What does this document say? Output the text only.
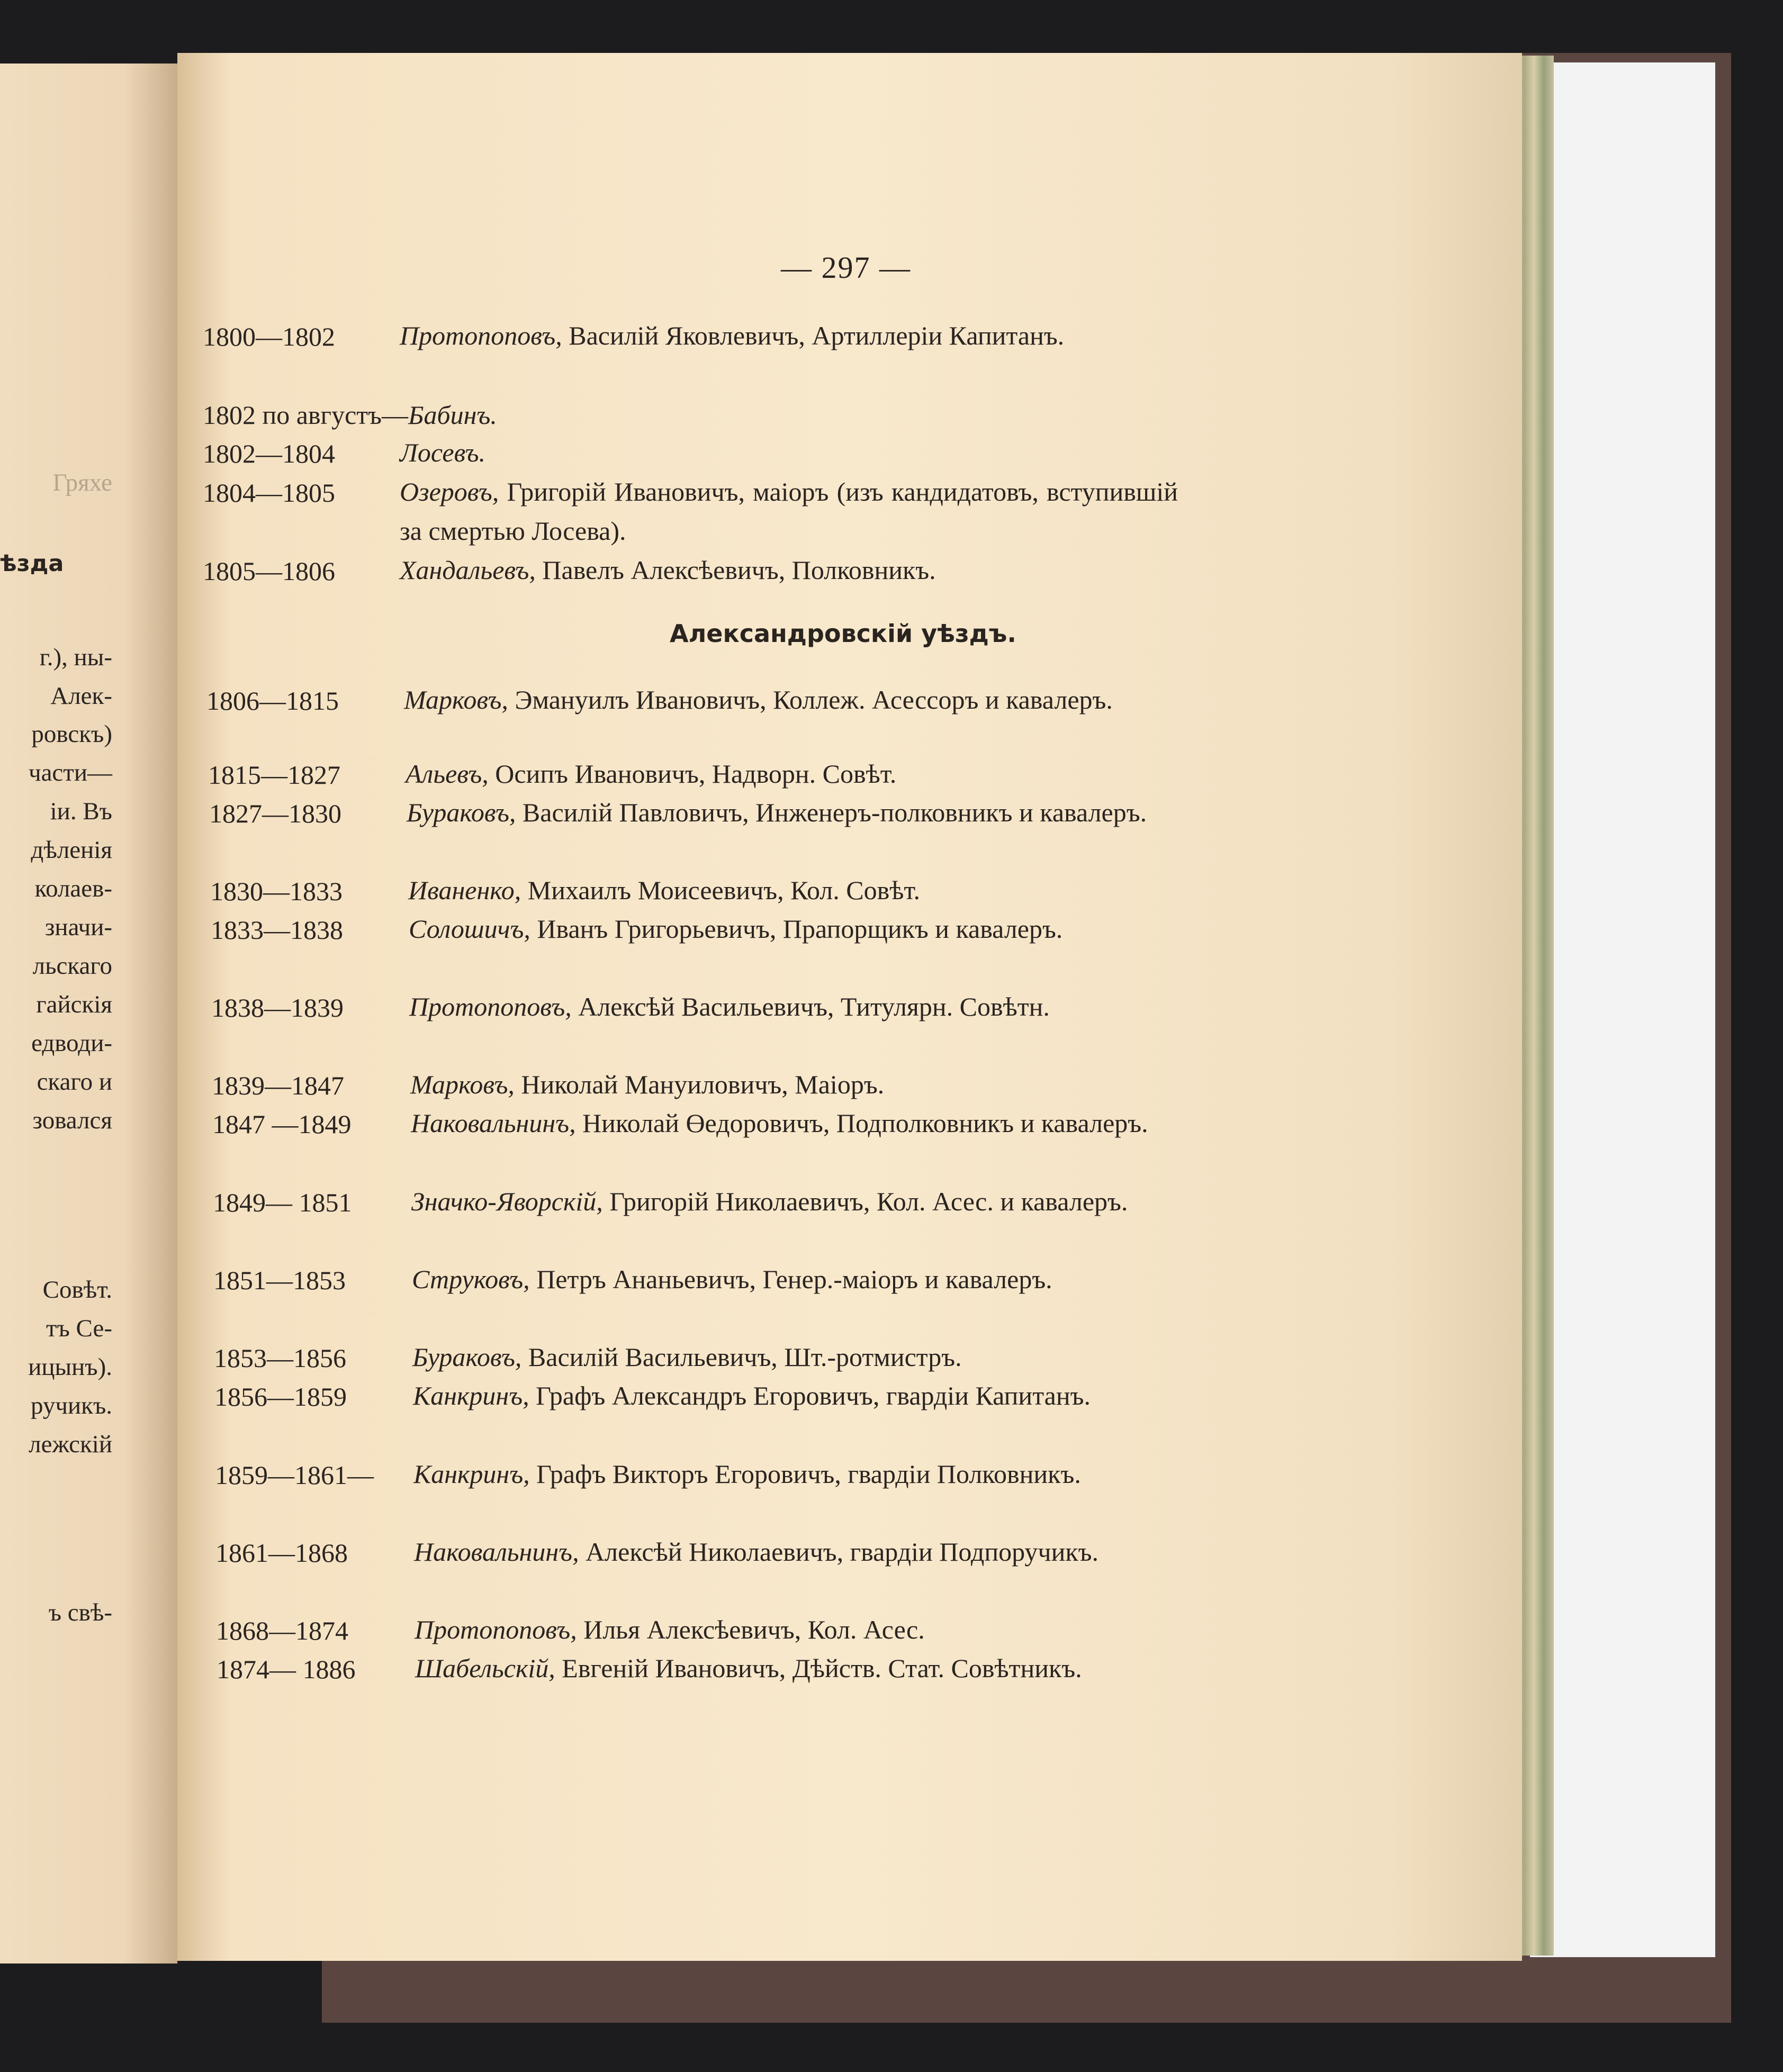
Гряхе
ѣзда
г.), ны-
Алек-
ровскъ)
части—
іи. Въ
дѣленія
колаев-
значи-
льскаго
гайскія
едводи-
скаго и
зовался
Совѣт.
тъ Се-
ицынъ).
ручикъ.
лежскій
ъ свѣ-
— 297 —
1800—1802 Протопоповъ, Василій Яковлевичъ, Артиллеріи Капитанъ.
1802 по августъ—Бабинъ.
1802—1804 Лосевъ.
1804—1805 Озеровъ, Григорій Ивановичъ, маіоръ (изъ кандидатовъ, вступившій за смертью Лосева).
1805—1806 Хандальевъ, Павелъ Алексѣевичъ, Полковникъ.
Александровскій уѣздъ.
1806—1815 Марковъ, Эмануилъ Ивановичъ, Коллеж. Асессоръ и кавалеръ.
1815—1827 Альевъ, Осипъ Ивановичъ, Надворн. Совѣт.
1827—1830 Бураковъ, Василій Павловичъ, Инженеръ-полковникъ и кавалеръ.
1830—1833 Иваненко, Михаилъ Моисеевичъ, Кол. Совѣт.
1833—1838 Солошичъ, Иванъ Григорьевичъ, Прапорщикъ и кавалеръ.
1838—1839 Протопоповъ, Алексѣй Васильевичъ, Титулярн. Совѣтн.
1839—1847	Марковъ, Николай Мануиловичъ, Маіоръ.
1847 —1849 Наковальнинъ, Николай Өедоровичъ, Подполковникъ и кавалеръ.
1849— 1851 Значко-Яворскій, Григорій Николаевичъ, Кол. Асес. и кавалеръ.
1851—1853	Струковъ, Петръ Ананьевичъ, Генер.-маіоръ и кавалеръ.
1853—1856	Бураковъ, Василій Васильевичъ, Шт.-ротмистръ.
1856—1859	Канкринъ, Графъ Александръ Егоровичъ, гвардіи Капитанъ.
1859—1861— Канкринъ, Графъ Викторъ Егоровичъ, гвардіи Полковникъ.
1861—1868	Наковальнинъ, Алексѣй Николаевичъ, гвардіи Подпоручикъ.
1868—1874	Протопоповъ, Илья Алексѣевичъ, Кол. Асес.
1874— 1886 Шабельскій, Евгеній Ивановичъ, Дѣйств. Стат. Совѣтникъ.
